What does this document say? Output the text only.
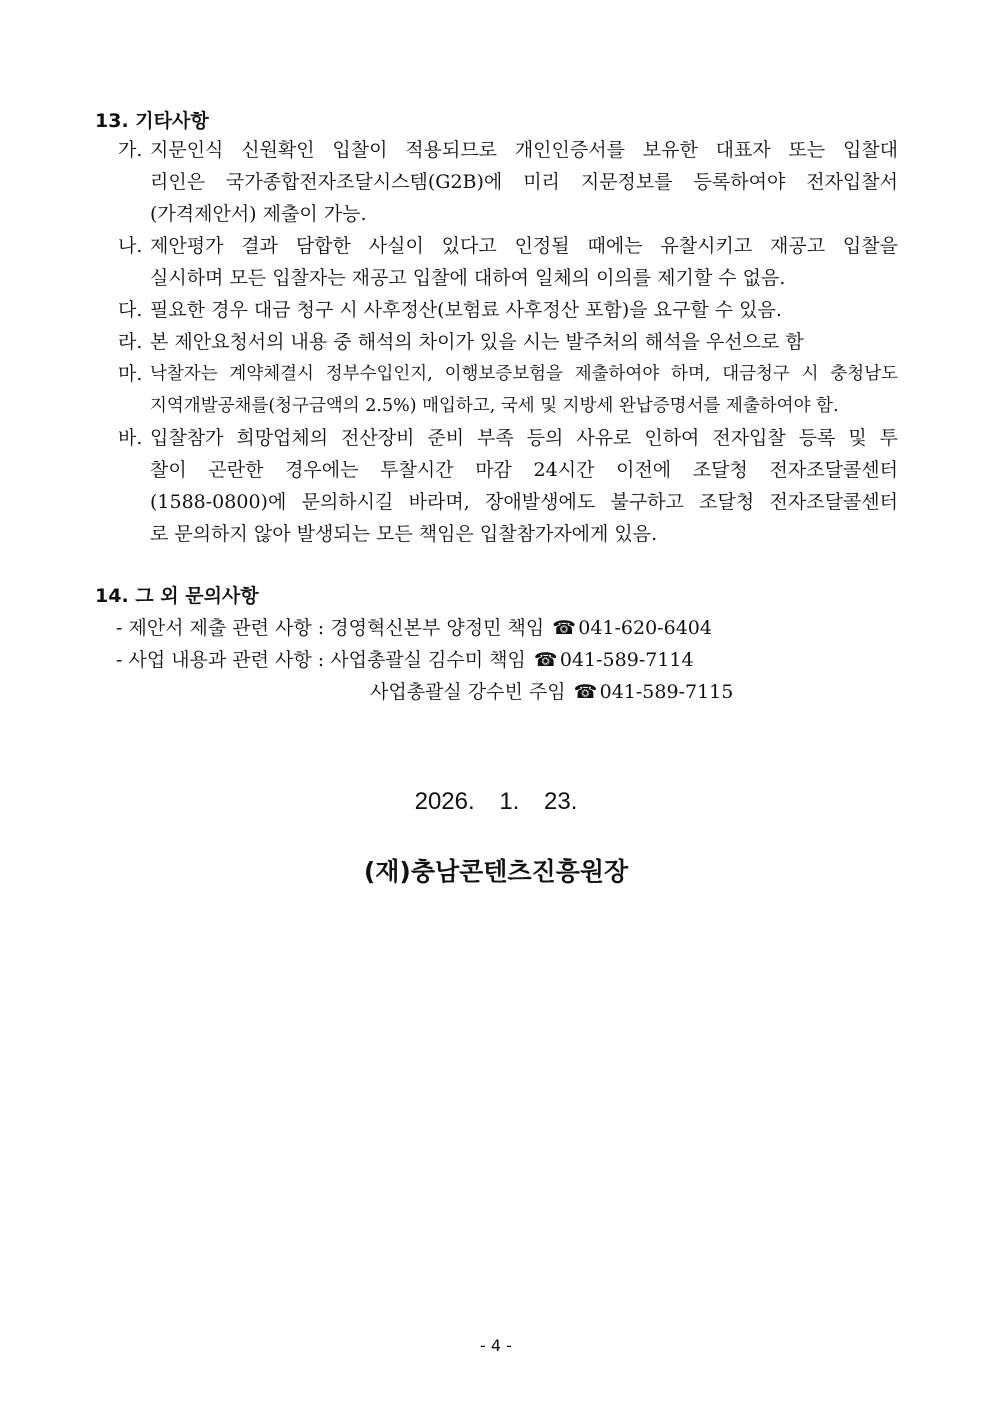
13. 기타사항
가. 지문인식 신원확인 입찰이 적용되므로 개인인증서를 보유한 대표자 또는 입찰대
리인은 국가종합전자조달시스템(G2B)에 미리 지문정보를 등록하여야 전자입찰서
(가격제안서) 제출이 가능.
나. 제안평가 결과 담합한 사실이 있다고 인정될 때에는 유찰시키고 재공고 입찰을
실시하며 모든 입찰자는 재공고 입찰에 대하여 일체의 이의를 제기할 수 없음.
다. 필요한 경우 대금 청구 시 사후정산(보험료 사후정산 포함)을 요구할 수 있음.
라. 본 제안요청서의 내용 중 해석의 차이가 있을 시는 발주처의 해석을 우선으로 함
마. 낙찰자는 계약체결시 정부수입인지, 이행보증보험을 제출하여야 하며, 대금청구 시 충청남도
지역개발공채를(청구금액의 2.5%) 매입하고, 국세 및 지방세 완납증명서를 제출하여야 함.
바. 입찰참가 희망업체의 전산장비 준비 부족 등의 사유로 인하여 전자입찰 등록 및 투
찰이 곤란한 경우에는 투찰시간 마감 24시간 이전에 조달청 전자조달콜센터
(1588-0800)에 문의하시길 바라며, 장애발생에도 불구하고 조달청 전자조달콜센터
로 문의하지 않아 발생되는 모든 책임은 입찰참가자에게 있음.
14. 그 외 문의사항
- 제안서 제출 관련 사항 : 경영혁신본부 양정민 책임 ☎ 041-620-6404
- 사업 내용과 관련 사항 : 사업총괄실 김수미 책임 ☎ 041-589-7114
사업총괄실 강수빈 주임 ☎ 041-589-7115
2026. 1. 23.
(재)충남콘텐츠진흥원장
- 4 -
